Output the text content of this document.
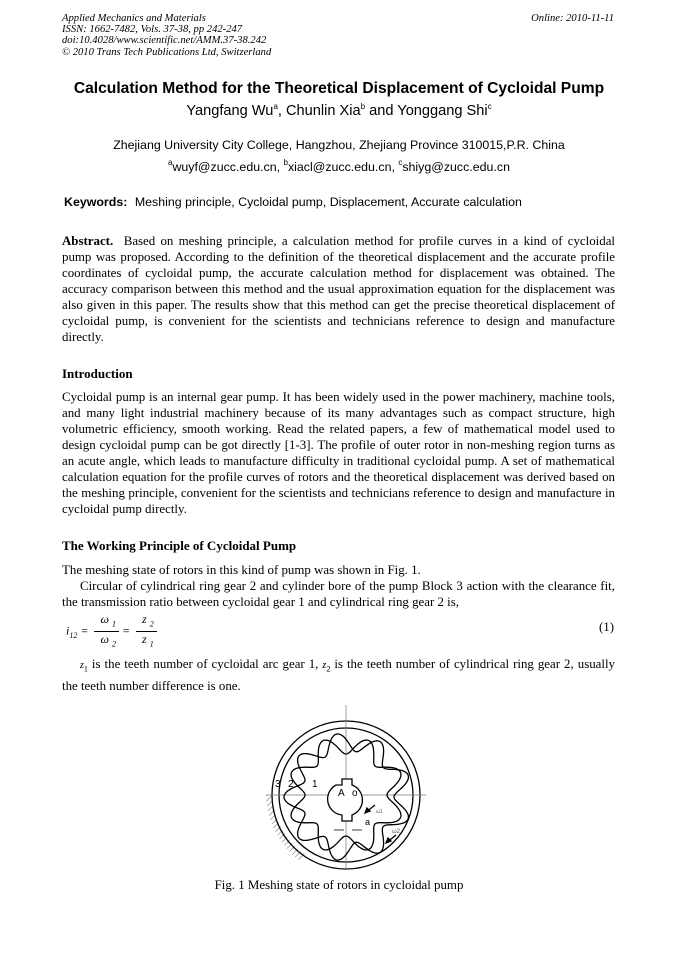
Applied Mechanics and Materials
ISSN: 1662-7482, Vols. 37-38, pp 242-247
doi:10.4028/www.scientific.net/AMM.37-38.242
© 2010 Trans Tech Publications Ltd, Switzerland
Online: 2010-11-11
Calculation Method for the Theoretical Displacement of Cycloidal Pump
Yangfang Wu$^a$, Chunlin Xia$^b$ and Yonggang Shi$^c$
Zhejiang University City College, Hangzhou, Zhejiang Province 310015,P.R. China
$^a$wuyf@zucc.edu.cn, $^b$xiacl@zucc.edu.cn, $^c$shiyg@zucc.edu.cn
Keywords: Meshing principle, Cycloidal pump, Displacement, Accurate calculation
Abstract. Based on meshing principle, a calculation method for profile curves in a kind of cycloidal pump was proposed. According to the definition of the theoretical displacement and the accurate profile coordinates of cycloidal pump, the accurate calculation method for displacement was obtained. The accuracy comparison between this method and the usual approximation equation for the displacement was also given in this paper. The results show that this method can get the precise theoretical displacement of cycloidal pump, is convenient for the scientists and technicians reference to design and manufacture directly.
Introduction
Cycloidal pump is an internal gear pump. It has been widely used in the power machinery, machine tools, and many light industrial machinery because of its many advantages such as compact structure, high volumetric efficiency, smooth working. Read the related papers, a few of mathematical model used to design cycloidal pump can be got directly [1-3]. The profile of outer rotor in non-meshing region turns as an acute angle, which leads to manufacture difficulty in traditional cycloidal pump. A set of mathematical calculation equation for the profile curves of rotors and the theoretical displacement was derived based on the meshing principle, convenient for the scientists and technicians reference to design and manufacture in cycloidal pump directly.
The Working Principle of Cycloidal Pump
The meshing state of rotors in this kind of pump was shown in Fig. 1.
Circular of cylindrical ring gear 2 and cylinder bore of the pump Block 3 action with the clearance fit, the transmission ratio between cycloidal gear 1 and cylindrical ring gear 2 is,
$i_{12} = \frac{\omega _1}{\omega _2} = \frac{z _2}{z _1}$	(1)
$z_1$ is the teeth number of cycloidal arc gear 1, $z_2$ is the teeth number of cylindrical ring gear 2, usually the teeth number difference is one.
A o
3 2 1
ω1
ω2
a
Fig. 1 Meshing state of rotors in cycloidal pump
